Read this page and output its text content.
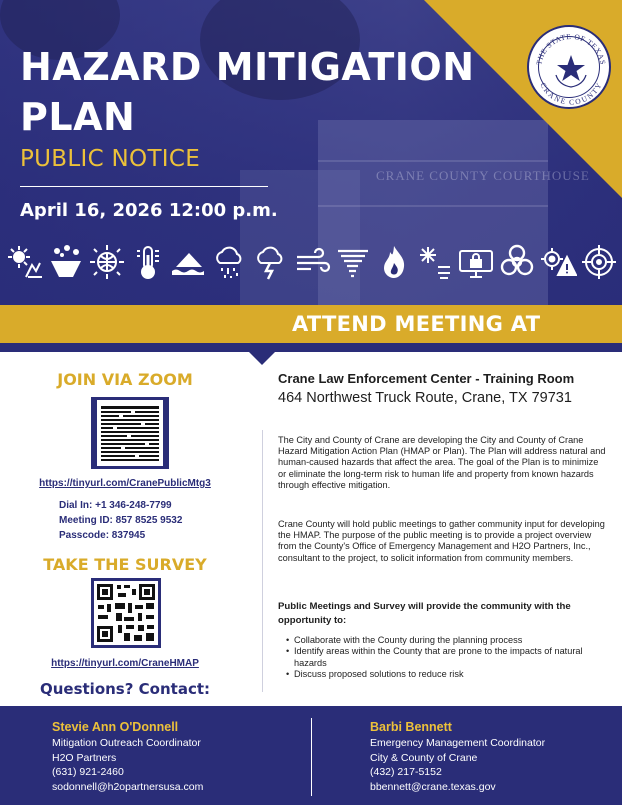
CRANE COUNTY COURTHOUSE
THE STATE OF TEXAS
CRANE COUNTY
HAZARD MITIGATION PLAN
PUBLIC NOTICE
April 16, 2026 12:00 p.m.
ATTEND MEETING AT
JOIN VIA ZOOM
https://tinyurl.com/CranePublicMtg3
Dial In: +1 346-248-7799
Meeting ID: 857 8525 9532
Passcode: 837945
TAKE THE SURVEY
https://tinyurl.com/CraneHMAP
Questions? Contact:
Crane Law Enforcement Center - Training Room
464 Northwest Truck Route, Crane, TX 79731
The City and County of Crane are developing the City and County of Crane Hazard Mitigation Action Plan (HMAP or Plan). The Plan will address natural and human-caused hazards that affect the area. The goal of the Plan is to minimize or eliminate the long-term risk to human life and property from known hazards through effective mitigation.
Crane County will hold public meetings to gather community input for developing the HMAP. The purpose of the public meeting is to provide a project overview from the County's Office of Emergency Management and H2O Partners, Inc., consultant to the project, to solicit information from community members.
Public Meetings and Survey will provide the community with the opportunity to:
• Collaborate with the County during the planning process
• Identify areas within the County that are prone to the impacts of natural hazards
• Discuss proposed solutions to reduce risk
Stevie Ann O'Donnell
Mitigation Outreach Coordinator
H2O Partners
(631) 921-2460
sodonnell@h2opartnersusa.com
Barbi Bennett
Emergency Management Coordinator
City & County of Crane
(432) 217-5152
bbennett@crane.texas.gov
